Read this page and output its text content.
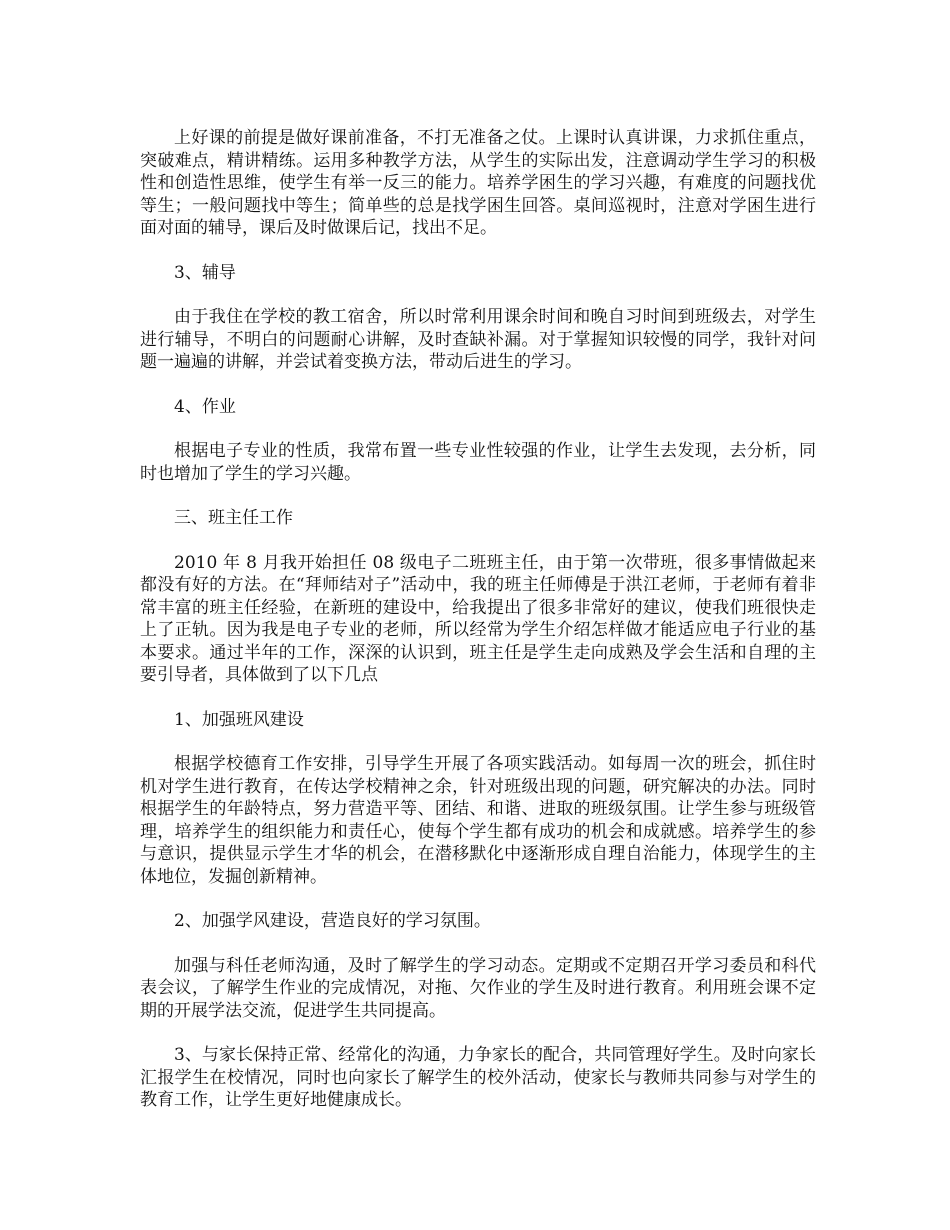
上好课的前提是做好课前准备，不打无准备之仗。上课时认真讲课，力求抓住重点，突破难点，精讲精练。运用多种教学方法，从学生的实际出发，注意调动学生学习的积极性和创造性思维，使学生有举一反三的能力。培养学困生的学习兴趣，有难度的问题找优等生；一般问题找中等生；简单些的总是找学困生回答。桌间巡视时，注意对学困生进行面对面的辅导，课后及时做课后记，找出不足。

3、辅导

由于我住在学校的教工宿舍，所以时常利用课余时间和晚自习时间到班级去，对学生进行辅导，不明白的问题耐心讲解，及时查缺补漏。对于掌握知识较慢的同学，我针对问题一遍遍的讲解，并尝试着变换方法，带动后进生的学习。

4、作业

根据电子专业的性质，我常布置一些专业性较强的作业，让学生去发现，去分析，同时也增加了学生的学习兴趣。

三、班主任工作

2010 年 8 月我开始担任 08 级电子二班班主任，由于第一次带班，很多事情做起来都没有好的方法。在“拜师结对子”活动中，我的班主任师傅是于洪江老师，于老师有着非常丰富的班主任经验，在新班的建设中，给我提出了很多非常好的建议，使我们班很快走上了正轨。因为我是电子专业的老师，所以经常为学生介绍怎样做才能适应电子行业的基本要求。通过半年的工作，深深的认识到，班主任是学生走向成熟及学会生活和自理的主要引导者，具体做到了以下几点

1、加强班风建设

根据学校德育工作安排，引导学生开展了各项实践活动。如每周一次的班会，抓住时机对学生进行教育，在传达学校精神之余，针对班级出现的问题，研究解决的办法。同时根据学生的年龄特点，努力营造平等、团结、和谐、进取的班级氛围。让学生参与班级管理，培养学生的组织能力和责任心，使每个学生都有成功的机会和成就感。培养学生的参与意识，提供显示学生才华的机会，在潜移默化中逐渐形成自理自治能力，体现学生的主体地位，发掘创新精神。

2、加强学风建设，营造良好的学习氛围。

加强与科任老师沟通，及时了解学生的学习动态。定期或不定期召开学习委员和科代表会议，了解学生作业的完成情况，对拖、欠作业的学生及时进行教育。利用班会课不定期的开展学法交流，促进学生共同提高。

3、与家长保持正常、经常化的沟通，力争家长的配合，共同管理好学生。及时向家长汇报学生在校情况，同时也向家长了解学生的校外活动，使家长与教师共同参与对学生的教育工作，让学生更好地健康成长。
